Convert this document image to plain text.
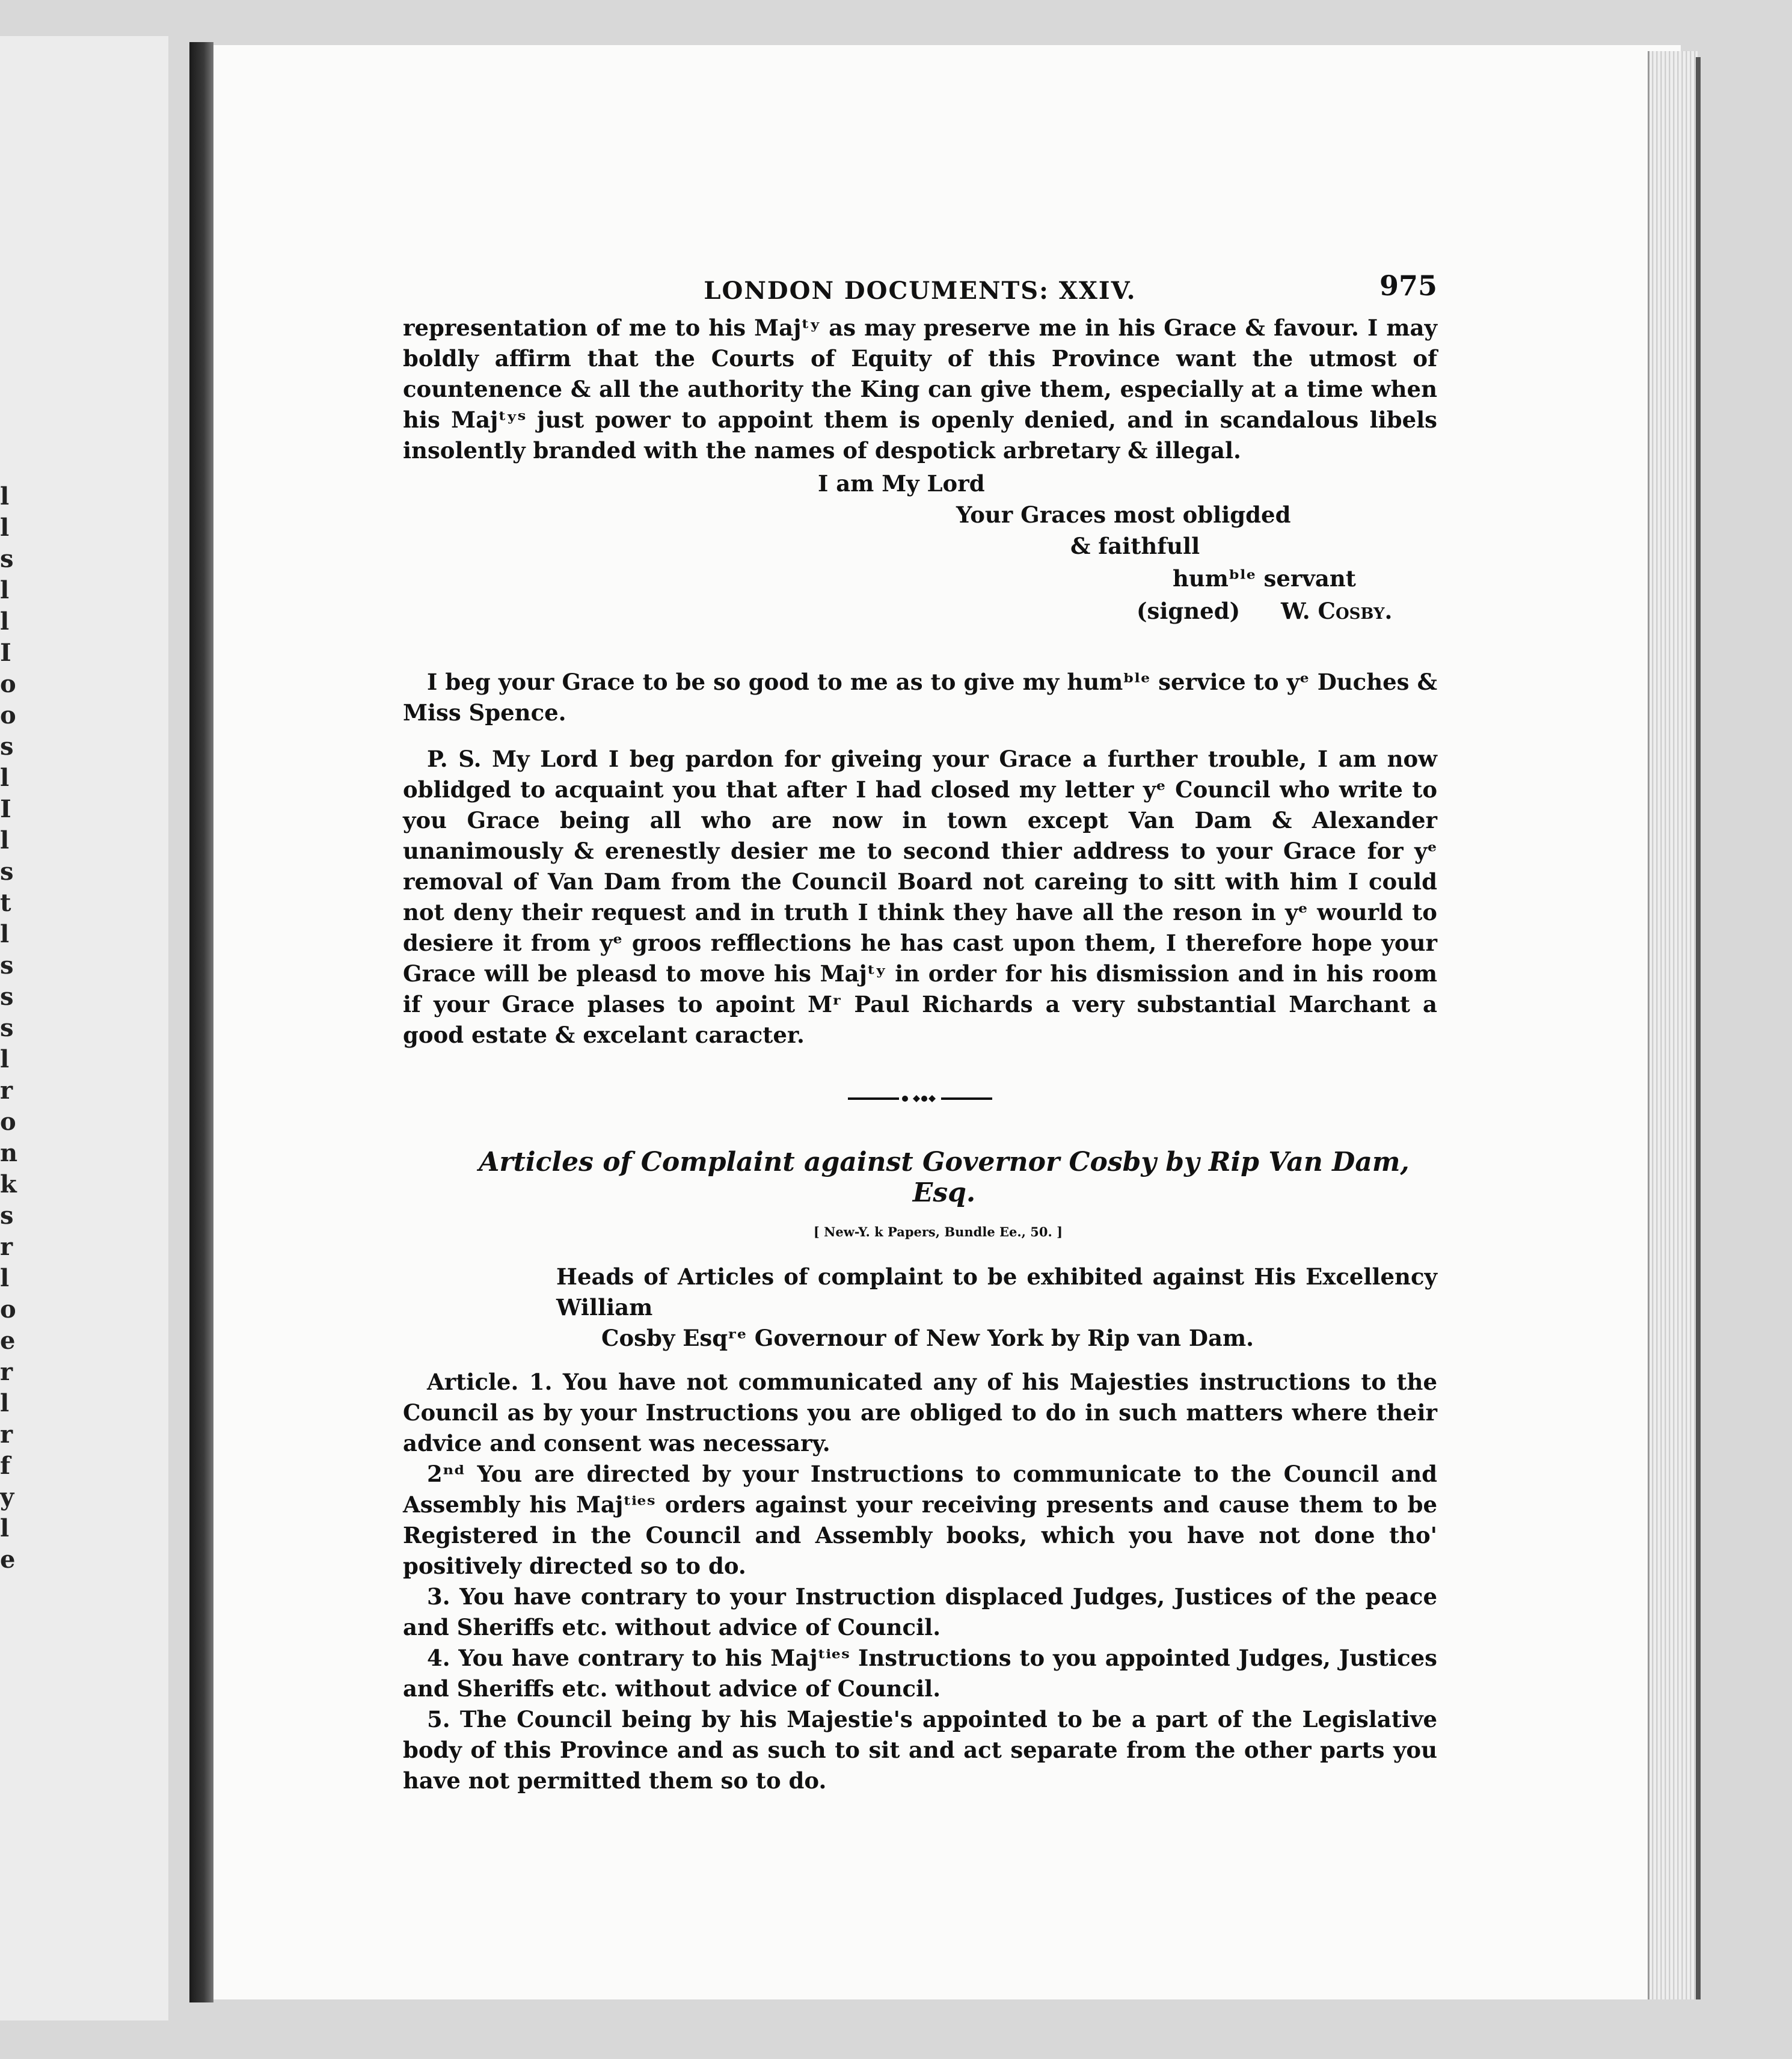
l
l
s
l
l
I
o
o
s
l
I
l
s
t
l
s
s
s
l
r
o
n
k
s
r
l
o
e
r
l
r
f
y
l
e
LONDON DOCUMENTS: XXIV.	975

representation of me to his Majᵗʸ as may preserve me in his Grace & favour. I may boldly affirm that the Courts of Equity of this Province want the utmost of countenence & all the authority the King can give them, especially at a time when his Majᵗʸˢ just power to appoint them is openly denied, and in scandalous libels insolently branded with the names of despotick arbretary & illegal.

I am My Lord
Your Graces most obligded
& faithfull
humᵇˡᵉ servant
(signed) W. Cosby.

I beg your Grace to be so good to me as to give my humᵇˡᵉ service to yᵉ Duches & Miss Spence.

P. S. My Lord I beg pardon for giveing your Grace a further trouble, I am now oblidged to acquaint you that after I had closed my letter yᵉ Council who write to you Grace being all who are now in town except Van Dam & Alexander unanimously & erenestly desier me to second thier address to your Grace for yᵉ removal of Van Dam from the Council Board not careing to sitt with him I could not deny their request and in truth I think they have all the reson in yᵉ wourld to desiere it from yᵉ groos refflections he has cast upon them, I therefore hope your Grace will be pleasd to move his Majᵗʸ in order for his dismission and in his room if your Grace plases to apoint Mʳ Paul Richards a very substantial Marchant a good estate & excelant caracter.

Articles of Complaint against Governor Cosby by Rip Van Dam, Esq.
[ New-Y. k Papers, Bundle Ee., 50. ]
Heads of Articles of complaint to be exhibited against His Excellency William
Cosby Esqʳᵉ Governour of New York by Rip van Dam.

Article. 1. You have not communicated any of his Majesties instructions to the Council as by your Instructions you are obliged to do in such matters where their advice and consent was necessary.

2ⁿᵈ You are directed by your Instructions to communicate to the Council and Assembly his Majᵗⁱᵉˢ orders against your receiving presents and cause them to be Registered in the Council and Assembly books, which you have not done tho' positively directed so to do.

3. You have contrary to your Instruction displaced Judges, Justices of the peace and Sheriffs etc. without advice of Council.

4. You have contrary to his Majᵗⁱᵉˢ Instructions to you appointed Judges, Justices and Sheriffs etc. without advice of Council.

5. The Council being by his Majestie's appointed to be a part of the Legislative body of this Province and as such to sit and act separate from the other parts you have not permitted them so to do.
